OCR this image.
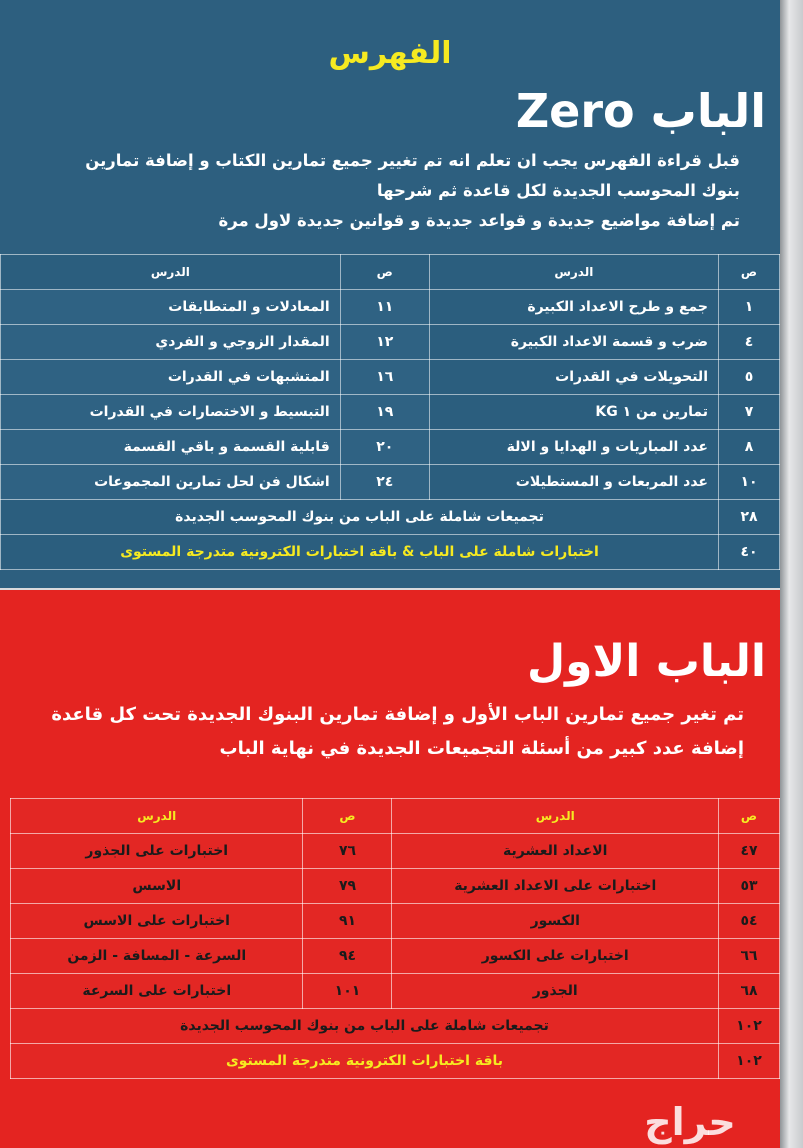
الفهرس
الباب Zero
قبل قراءة الفهرس يجب ان تعلم انه تم تغيير جميع تمارين الكتاب و إضافة تمارين
بنوك المحوسب الجديدة لكل قاعدة ثم شرحها
تم إضافة مواضيع جديدة و قواعد جديدة و قوانين جديدة لاول مرة
ص	الدرس	ص	الدرس
١	جمع و طرح الاعداد الكبيرة	١١	المعادلات و المتطابقات
٤	ضرب و قسمة الاعداد الكبيرة	١٢	المقدار الزوجي و الفردي
٥	التحويلات في القدرات	١٦	المتشبهات في القدرات
٧	تمارين من ١ KG	١٩	التبسيط و الاختصارات في القدرات
٨	عدد المباريات و الهدايا و الالة	٢٠	قابلية القسمة و باقي القسمة
١٠	عدد المربعات و المستطيلات	٢٤	اشكال فن لحل تمارين المجموعات
٢٨	تجميعات شاملة على الباب من بنوك المحوسب الجديدة		
٤٠	اختبارات شاملة على الباب & باقة اختبارات الكترونية متدرجة المستوى		
الباب الاول
تم تغير جميع تمارين الباب الأول و إضافة تمارين البنوك الجديدة تحت كل قاعدة
إضافة عدد كبير من أسئلة التجميعات الجديدة في نهاية الباب
ص	الدرس	ص	الدرس
٤٧	الاعداد العشرية	٧٦	اختبارات على الجذور
٥٣	اختبارات على الاعداد العشرية	٧٩	الاسس
٥٤	الكسور	٩١	اختبارات على الاسس
٦٦	اختبارات على الكسور	٩٤	السرعة - المسافة - الزمن
٦٨	الجذور	١٠١	اختبارات على السرعة
١٠٢	تجميعات شاملة على الباب من بنوك المحوسب الجديدة		
١٠٢	باقة اختبارات الكترونية متدرجة المستوى		
حراج
